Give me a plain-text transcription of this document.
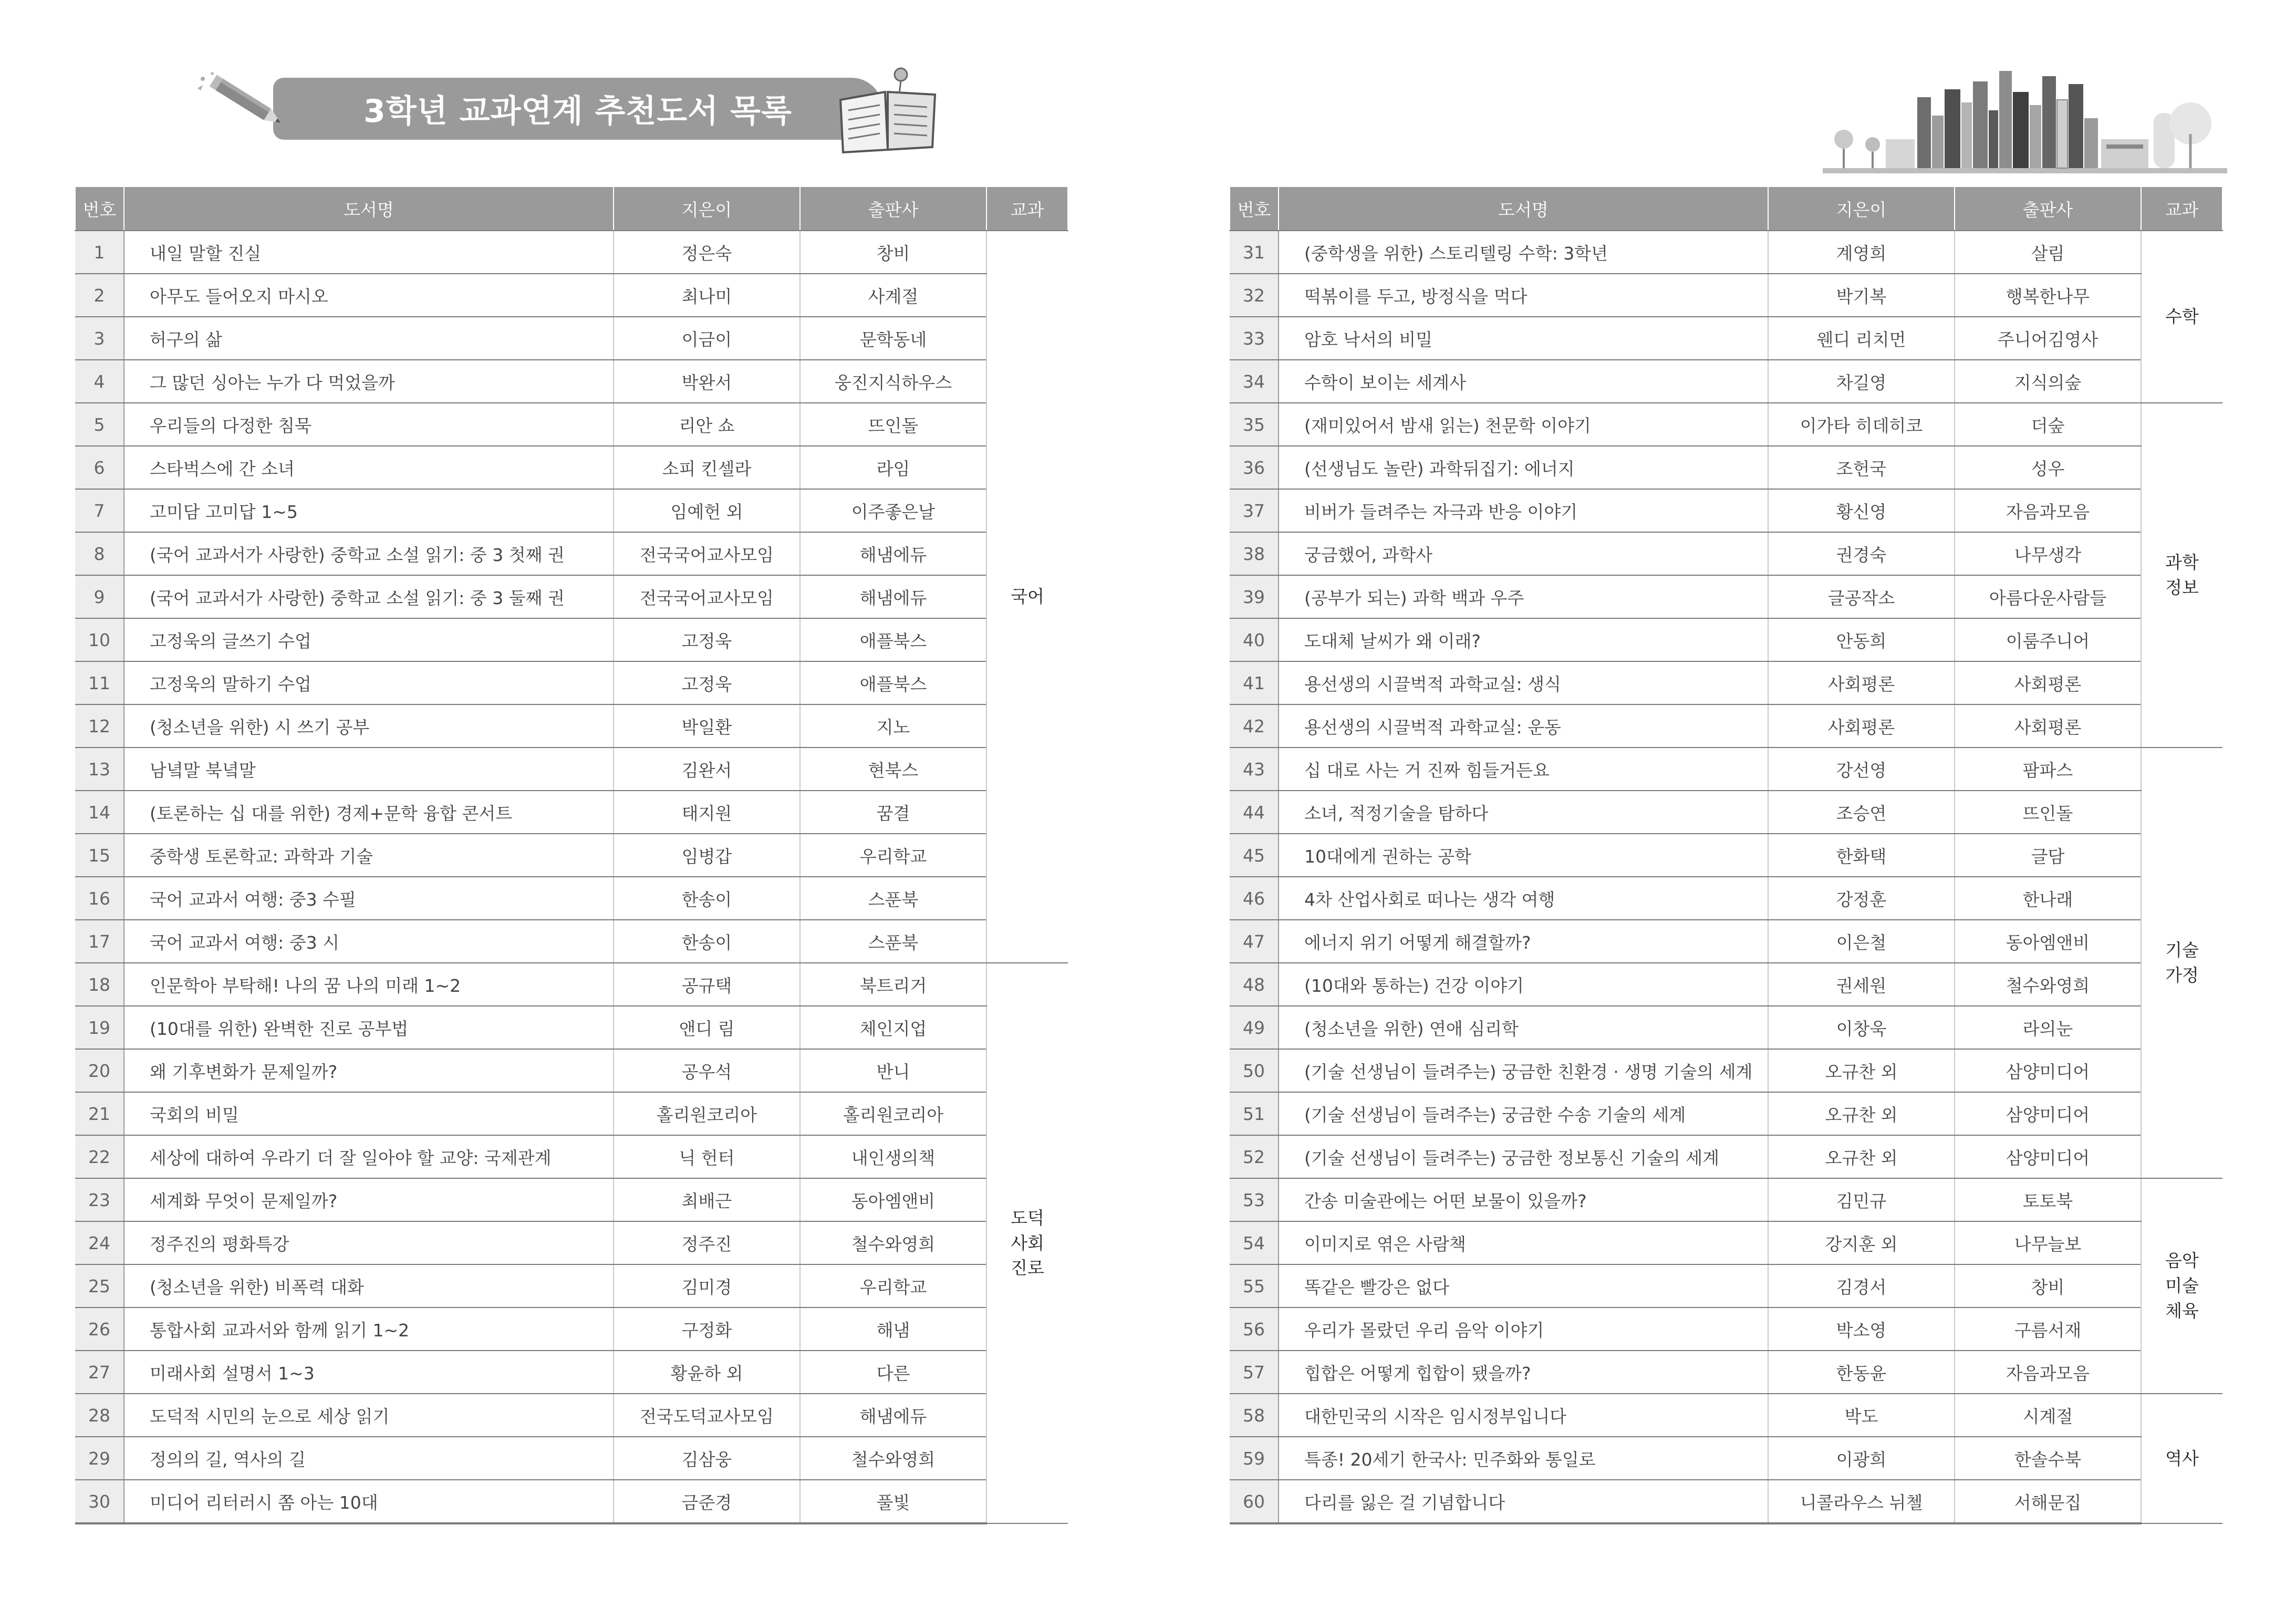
3학년 교과연계 추천도서 목록
번호	도서명	지은이	출판사	교과
1	내일 말할 진실	정은숙	창비	국어
2	아무도 들어오지 마시오	최나미	사계절	
3	허구의 삶	이금이	문학동네	
4	그 많던 싱아는 누가 다 먹었을까	박완서	웅진지식하우스	
5	우리들의 다정한 침묵	리안 쇼	뜨인돌	
6	스타벅스에 간 소녀	소피 킨셀라	라임	
7	고미담 고미답 1~5	임예헌 외	이주좋은날	
8	(국어 교과서가 사랑한) 중학교 소설 읽기: 중 3 첫째 권	전국국어교사모임	해냄에듀	
9	(국어 교과서가 사랑한) 중학교 소설 읽기: 중 3 둘째 권	전국국어교사모임	해냄에듀	
10	고정욱의 글쓰기 수업	고정욱	애플북스	
11	고정욱의 말하기 수업	고정욱	애플북스	
12	(청소년을 위한) 시 쓰기 공부	박일환	지노	
13	남녘말 북녘말	김완서	현북스	
14	(토론하는 십 대를 위한) 경제+문학 융합 콘서트	태지원	꿈결	
15	중학생 토론학교: 과학과 기술	임병갑	우리학교	
16	국어 교과서 여행: 중3 수필	한송이	스푼북	
17	국어 교과서 여행: 중3 시	한송이	스푼북	
18	인문학아 부탁해! 나의 꿈 나의 미래 1~2	공규택	북트리거	도덕
사회
진로
19	(10대를 위한) 완벽한 진로 공부법	앤디 림	체인지업	
20	왜 기후변화가 문제일까?	공우석	반니	
21	국회의 비밀	홀리원코리아	홀리원코리아	
22	세상에 대하여 우라기 더 잘 일아야 할 교양: 국제관계	닉 헌터	내인생의책	
23	세계화 무엇이 문제일까?	최배근	동아엠앤비	
24	정주진의 평화특강	정주진	철수와영희	
25	(청소년을 위한) 비폭력 대화	김미경	우리학교	
26	통합사회 교과서와 함께 읽기 1~2	구정화	해냄	
27	미래사회 설명서 1~3	황윤하 외	다른	
28	도덕적 시민의 눈으로 세상 읽기	전국도덕교사모임	해냄에듀	
29	정의의 길, 역사의 길	김삼웅	철수와영희	
30	미디어 리터러시 쫌 아는 10대	금준경	풀빛	
번호	도서명	지은이	출판사	교과
31	(중학생을 위한) 스토리텔링 수학: 3학년	계영희	살림	수학
32	떡볶이를 두고, 방정식을 먹다	박기복	행복한나무	
33	암호 낙서의 비밀	웬디 리치먼	주니어김영사	
34	수학이 보이는 세계사	차길영	지식의숲	
35	(재미있어서 밤새 읽는) 천문학 이야기	이가타 히데히코	더숲	과학
정보
36	(선생님도 놀란) 과학뒤집기: 에너지	조헌국	성우	
37	비버가 들려주는 자극과 반응 이야기	황신영	자음과모음	
38	궁금했어, 과학사	권경숙	나무생각	
39	(공부가 되는) 과학 백과 우주	글공작소	아름다운사람들	
40	도대체 날씨가 왜 이래?	안동희	이룸주니어	
41	용선생의 시끌벅적 과학교실: 생식	사회평론	사회평론	
42	용선생의 시끌벅적 과학교실: 운동	사회평론	사회평론	
43	십 대로 사는 거 진짜 힘들거든요	강선영	팜파스	기술
가정
44	소녀, 적정기술을 탐하다	조승연	뜨인돌	
45	10대에게 권하는 공학	한화택	글담	
46	4차 산업사회로 떠나는 생각 여행	강정훈	한나래	
47	에너지 위기 어떻게 해결할까?	이은철	동아엠앤비	
48	(10대와 통하는) 건강 이야기	권세원	철수와영희	
49	(청소년을 위한) 연애 심리학	이창욱	라의눈	
50	(기술 선생님이 들려주는) 궁금한 친환경 · 생명 기술의 세계	오규찬 외	삼양미디어	
51	(기술 선생님이 들려주는) 궁금한 수송 기술의 세계	오규찬 외	삼양미디어	
52	(기술 선생님이 들려주는) 궁금한 정보통신 기술의 세계	오규찬 외	삼양미디어	
53	간송 미술관에는 어떤 보물이 있을까?	김민규	토토북	음악
미술
체육
54	이미지로 엮은 사람책	강지훈 외	나무늘보	
55	똑같은 빨강은 없다	김경서	창비	
56	우리가 몰랐던 우리 음악 이야기	박소영	구름서재	
57	힙합은 어떻게 힙합이 됐을까?	한동윤	자음과모음	
58	대한민국의 시작은 임시정부입니다	박도	시계절	역사
59	특종! 20세기 한국사: 민주화와 통일로	이광희	한솔수북	
60	다리를 잃은 걸 기념합니다	니콜라우스 뉘첼	서해문집	
